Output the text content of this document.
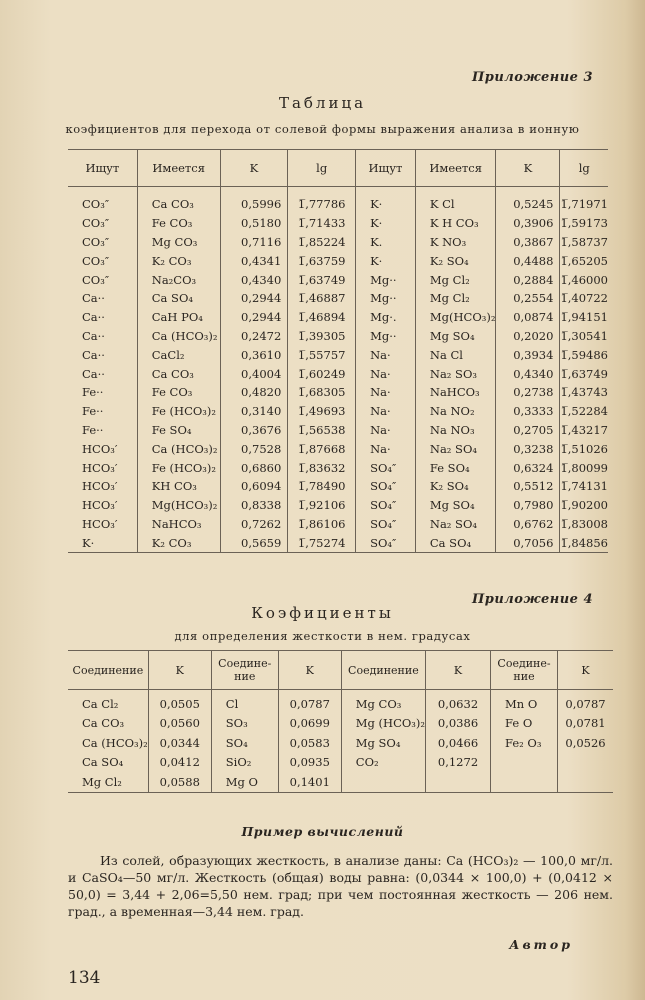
Приложение 3
Таблица
коэфициентов для перехода от солевой формы выражения анализа в ионную
Ищут	Имеется	K	lg	Ищут	Имеется	K	lg
CO₃″	Ca CO₃	0,5996	1̅,77786	K·	K Cl	0,5245	1̅,71971
CO₃″	Fe CO₃	0,5180	1̅,71433	K·	K H CO₃	0,3906	1̅,59173
CO₃″	Mg CO₃	0,7116	1̅,85224	K.	K NO₃	0,3867	1̅,58737
CO₃″	K₂ CO₃	0,4341	1̅,63759	K·	K₂ SO₄	0,4488	1̅,65205
CO₃″	Na₂CO₃	0,4340	1̅,63749	Mg··	Mg Cl₂	0,2884	1̅,46000
Ca··	Ca SO₄	0,2944	1̅,46887	Mg··	Mg Cl₂	0,2554	1̅,40722
Ca··	CaH PO₄	0,2944	1̅,46894	Mg·.	Mg(HCO₃)₂	0,0874	1̅,94151
Ca··	Ca (HCO₃)₂	0,2472	1̅,39305	Mg··	Mg SO₄	0,2020	1̅,30541
Ca··	CaCl₂	0,3610	1̅,55757	Na·	Na Cl	0,3934	1̅,59486
Ca··	Ca CO₃	0,4004	1̅,60249	Na·	Na₂ SO₃	0,4340	1̅,63749
Fe··	Fe CO₃	0,4820	1̅,68305	Na·	NaHCO₃	0,2738	1̅,43743
Fe··	Fe (HCO₃)₂	0,3140	1̅,49693	Na·	Na NO₂	0,3333	1̅,52284
Fe··	Fe SO₄	0,3676	1̅,56538	Na·	Na NO₃	0,2705	1̅,43217
HCO₃′	Ca (HCO₃)₂	0,7528	1̅,87668	Na·	Na₂ SO₄	0,3238	1̅,51026
HCO₃′	Fe (HCO₃)₂	0,6860	1̅,83632	SO₄″	Fe SO₄	0,6324	1̅,80099
HCO₃′	KH CO₃	0,6094	1̅,78490	SO₄″	K₂ SO₄	0,5512	1̅,74131
HCO₃′	Mg(HCO₃)₂	0,8338	1̅,92106	SO₄″	Mg SO₄	0,7980	1̅,90200
HCO₃′	NaHCO₃	0,7262	1̅,86106	SO₄″	Na₂ SO₄	0,6762	1̅,83008
K·	K₂ CO₃	0,5659	1̅,75274	SO₄″	Ca SO₄	0,7056	1̅,84856
Приложение 4
Коэфициенты
для определения жесткости в нем. градусах
Соединение	K	Соедине-ние	K	Соединение	K	Соедине-ние	K
Ca Cl₂	0,0505	Cl	0,0787	Mg CO₃	0,0632	Mn O	0,0787
Ca CO₃	0,0560	SO₃	0,0699	Mg (HCO₃)₂	0,0386	Fe O	0,0781
Ca (HCO₃)₂	0,0344	SO₄	0,0583	Mg SO₄	0,0466	Fe₂ O₃	0,0526
Ca SO₄	0,0412	SiO₂	0,0935	CO₂	0,1272		
Mg Cl₂	0,0588	Mg O	0,1401				
Пример вычислений
Из солей, образующих жесткость, в анализе даны: Ca (HCO₃)₂ — 100,0 мг/л. и CaSO₄—50 мг/л. Жесткость (общая) воды равна: (0,0344 × 100,0) + (0,0412 × 50,0) = 3,44 + 2,06=5,50 нем. град; при чем постоянная жесткость — 206 нем. град., а временная—3,44 нем. град.
Автор
134
